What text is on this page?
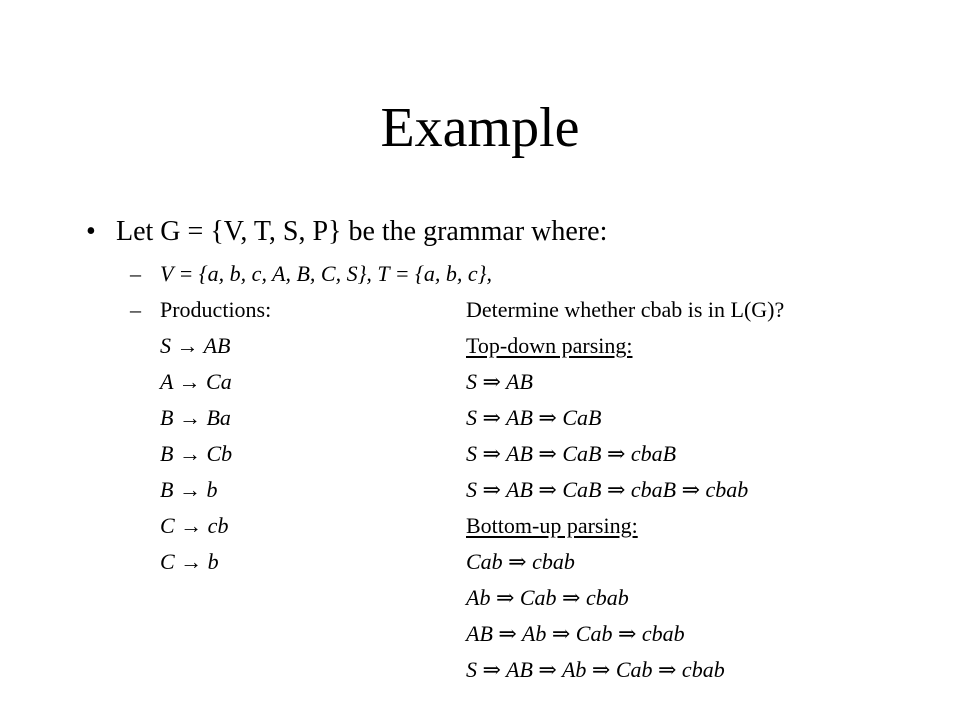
Example
• Let G = {V, T, S, P} be the grammar where:
– V = {a, b, c, A, B, C, S}, T = {a, b, c},
– Productions:	Determine whether cbab is in L(G)?
S → AB
A → Ca
B → Ba
B → Cb
B → b
C → cb
C → b
Top-down parsing:
S ⇒ AB
S ⇒ AB ⇒ CaB
S ⇒ AB ⇒ CaB ⇒ cbaB
S ⇒ AB ⇒ CaB ⇒ cbaB ⇒ cbab
Bottom-up parsing:
Cab ⇒ cbab
Ab ⇒ Cab ⇒ cbab
AB ⇒ Ab ⇒ Cab ⇒ cbab
S ⇒ AB ⇒ Ab ⇒ Cab ⇒ cbab
